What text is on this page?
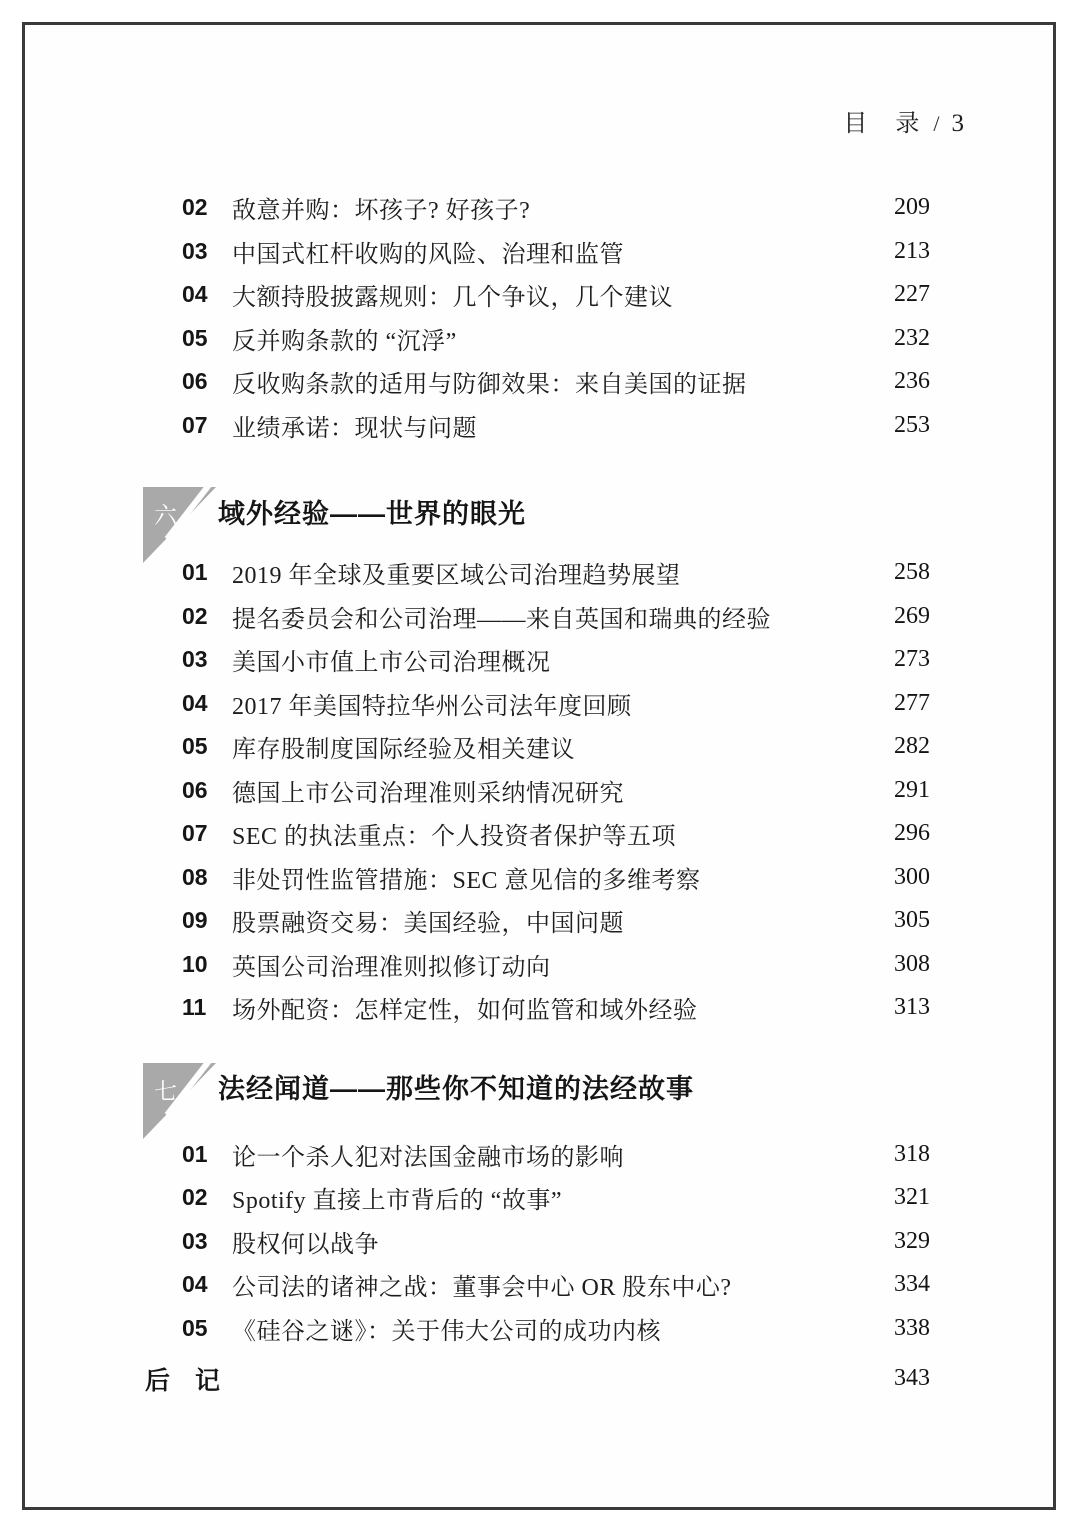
目　录 / 3
02	敌意并购：坏孩子? 好孩子?	209
03	中国式杠杆收购的风险、治理和监管	213
04	大额持股披露规则：几个争议，几个建议	227
05	反并购条款的 “沉浮”	232
06	反收购条款的适用与防御效果：来自美国的证据	236
07	业绩承诺：现状与问题	253
六 域外经验——世界的眼光
01	2019 年全球及重要区域公司治理趋势展望	258
02	提名委员会和公司治理——来自英国和瑞典的经验	269
03	美国小市值上市公司治理概况	273
04	2017 年美国特拉华州公司法年度回顾	277
05	库存股制度国际经验及相关建议	282
06	德国上市公司治理准则采纳情况研究	291
07	SEC 的执法重点：个人投资者保护等五项	296
08	非处罚性监管措施：SEC 意见信的多维考察	300
09	股票融资交易：美国经验，中国问题	305
10	英国公司治理准则拟修订动向	308
11	场外配资：怎样定性，如何监管和域外经验	313
七 法经闻道——那些你不知道的法经故事
01	论一个杀人犯对法国金融市场的影响	318
02	Spotify 直接上市背后的 “故事”	321
03	股权何以战争	329
04	公司法的诸神之战：董事会中心 OR 股东中心?	334
05	《硅谷之谜》：关于伟大公司的成功内核	338
后　记	343
